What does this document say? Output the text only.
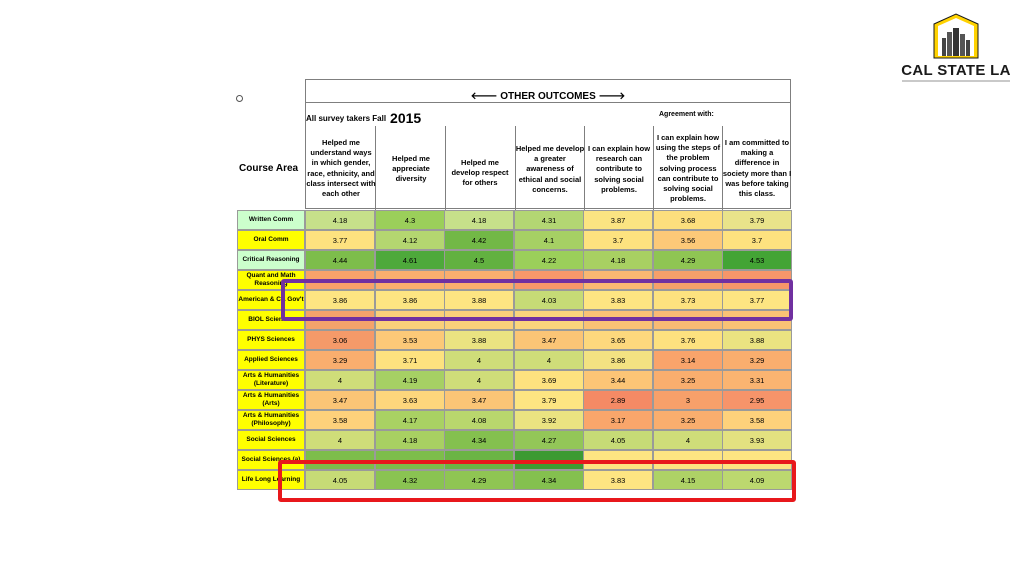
CAL STATE LA
🡐 OTHER OUTCOMES 🡒
All survey takers Fall 2015	Agreement with:
Helped me understand ways in which gender, race, ethnicity, and class intersect with each other
Helped me appreciate diversity
Helped me develop respect for others
Helped me develop a greater awareness of ethical and social concerns.
I can explain how research can contribute to solving social problems.
I can explain how using the steps of the problem solving process can contribute to solving social problems.
I am committed to making a difference in society more than I was before taking this class.
Course Area
Written Comm	4.18	4.3	4.18	4.31	3.87	3.68	3.79
Oral Comm	3.77	4.12	4.42	4.1	3.7	3.56	3.7
Critical Reasoning	4.44	4.61	4.5	4.22	4.18	4.29	4.53
Quant and Math Reasoning
American & CA Gov't	3.86	3.86	3.88	4.03	3.83	3.73	3.77
BIOL Sciences
PHYS Sciences	3.06	3.53	3.88	3.47	3.65	3.76	3.88
Applied Sciences	3.29	3.71	4	4	3.86	3.14	3.29
Arts & Humanities (Literature)	4	4.19	4	3.69	3.44	3.25	3.31
Arts & Humanities (Arts)	3.47	3.63	3.47	3.79	2.89	3	2.95
Arts & Humanities (Philosophy)	3.58	4.17	4.08	3.92	3.17	3.25	3.58
Social Sciences	4	4.18	4.34	4.27	4.05	4	3.93
Social Sciences (a)
Life Long Learning	4.05	4.32	4.29	4.34	3.83	4.15	4.09
